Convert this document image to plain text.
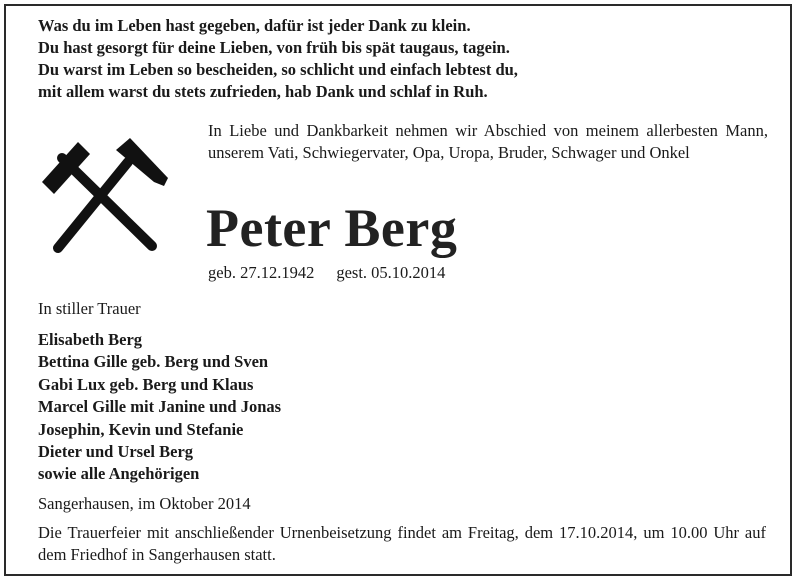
Was du im Leben hast gegeben, dafür ist jeder Dank zu klein.
Du hast gesorgt für deine Lieben, von früh bis spät taugaus, tagein.
Du warst im Leben so bescheiden, so schlicht und einfach lebtest du,
mit allem warst du stets zufrieden, hab Dank und schlaf in Ruh.
In Liebe und Dankbarkeit nehmen wir Abschied von meinem allerbesten Mann, unserem Vati, Schwiegervater, Opa, Uropa, Bruder, Schwager und Onkel
Peter Berg
geb. 27.12.1942 gest. 05.10.2014
In stiller Trauer
Elisabeth Berg
Bettina Gille geb. Berg und Sven
Gabi Lux geb. Berg und Klaus
Marcel Gille mit Janine und Jonas
Josephin, Kevin und Stefanie
Dieter und Ursel Berg
sowie alle Angehörigen
Sangerhausen, im Oktober 2014
Die Trauerfeier mit anschließender Urnenbeisetzung findet am Freitag, dem 17.10.2014, um 10.00 Uhr auf dem Friedhof in Sangerhausen statt.
